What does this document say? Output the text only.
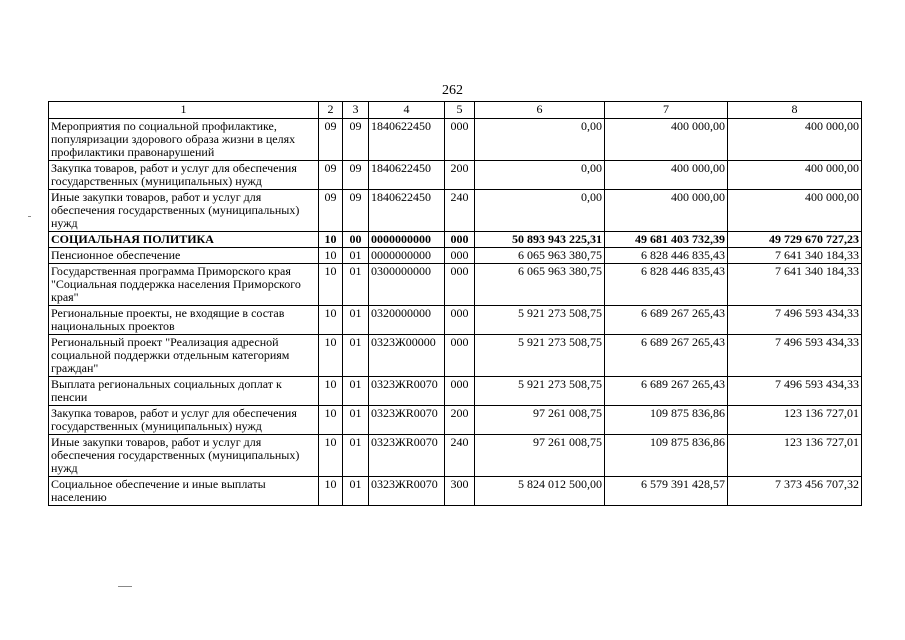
262
1	2	3	4	5	6	7	8
Мероприятия по социальной профилактике, популяризации здорового образа жизни в целях профилактики правонарушений	09	09	1840622450	000	0,00	400 000,00	400 000,00
Закупка товаров, работ и услуг для обеспечения государственных (муниципальных) нужд	09	09	1840622450	200	0,00	400 000,00	400 000,00
Иные закупки товаров, работ и услуг для обеспечения государственных (муниципальных) нужд	09	09	1840622450	240	0,00	400 000,00	400 000,00
СОЦИАЛЬНАЯ ПОЛИТИКА	10	00	0000000000	000	50 893 943 225,31	49 681 403 732,39	49 729 670 727,23
Пенсионное обеспечение	10	01	0000000000	000	6 065 963 380,75	6 828 446 835,43	7 641 340 184,33
Государственная программа Приморского края "Социальная поддержка населения Приморского края"	10	01	0300000000	000	6 065 963 380,75	6 828 446 835,43	7 641 340 184,33
Региональные проекты, не входящие в состав национальных проектов	10	01	0320000000	000	5 921 273 508,75	6 689 267 265,43	7 496 593 434,33
Региональный проект "Реализация адресной социальной поддержки отдельным категориям граждан"	10	01	0323Ж00000	000	5 921 273 508,75	6 689 267 265,43	7 496 593 434,33
Выплата региональных социальных доплат к пенсии	10	01	0323ЖR0070	000	5 921 273 508,75	6 689 267 265,43	7 496 593 434,33
Закупка товаров, работ и услуг для обеспечения государственных (муниципальных) нужд	10	01	0323ЖR0070	200	97 261 008,75	109 875 836,86	123 136 727,01
Иные закупки товаров, работ и услуг для обеспечения государственных (муниципальных) нужд	10	01	0323ЖR0070	240	97 261 008,75	109 875 836,86	123 136 727,01
Социальное обеспечение и иные выплаты населению	10	01	0323ЖR0070	300	5 824 012 500,00	6 579 391 428,57	7 373 456 707,32
